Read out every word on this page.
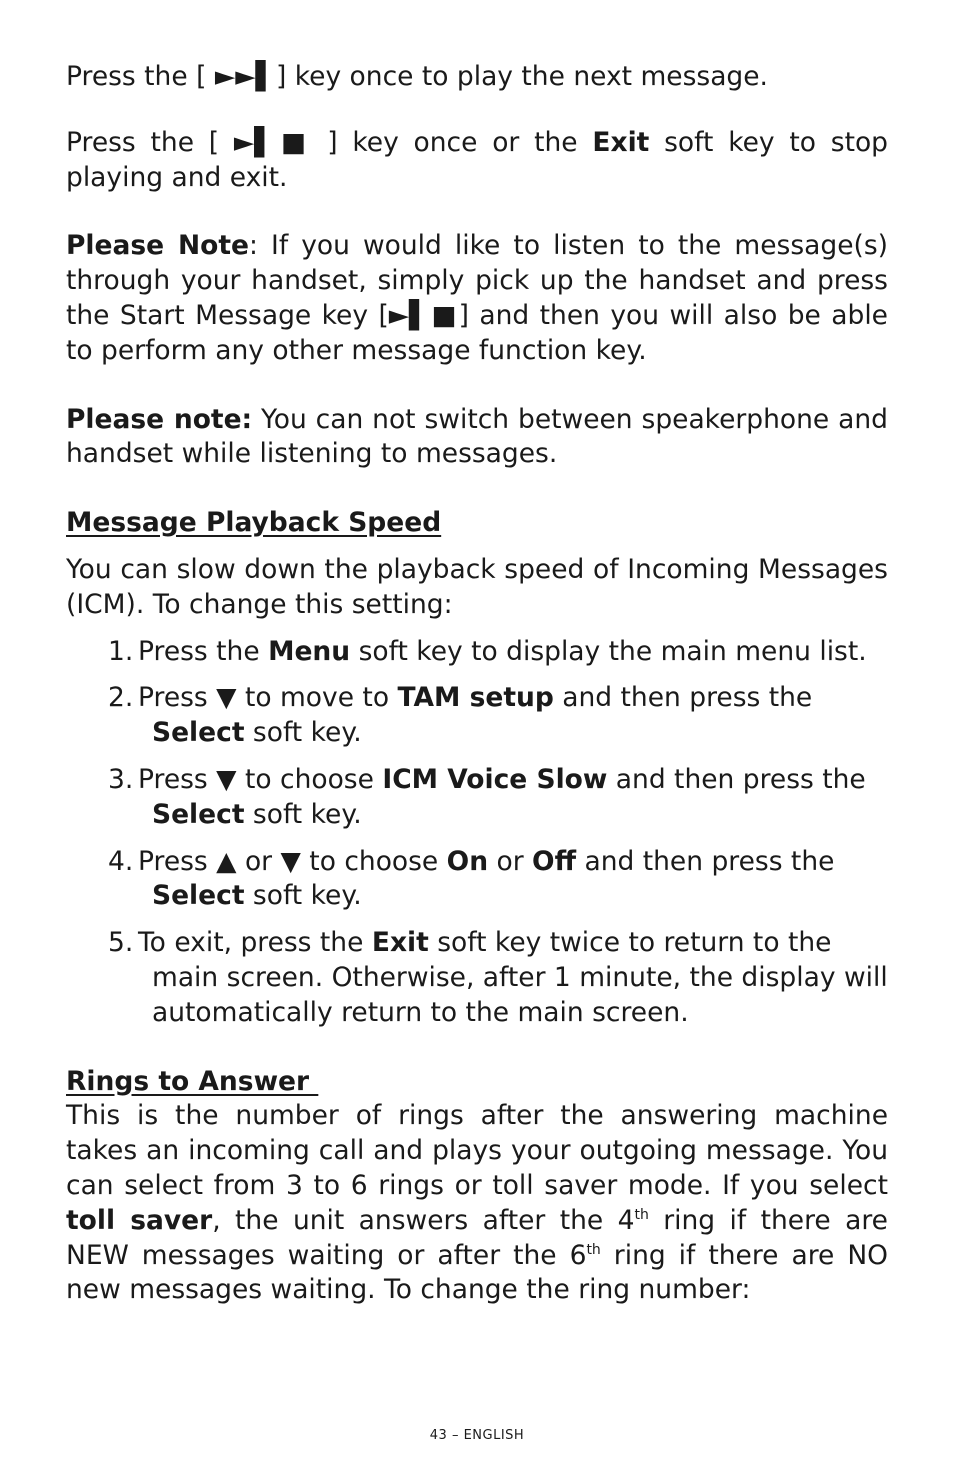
Press the [ ►►▌] key once to play the next message.

Press the [ ►▌■ ] key once or the Exit soft key to stop playing and exit.

Please Note: If you would like to listen to the message(s) through your handset, simply pick up the handset and press the Start Message key [►▌■] and then you will also be able to perform any other message function key.

Please note: You can not switch between speakerphone and handset while listening to messages.

Message Playback Speed

You can slow down the playback speed of Incoming Messages (ICM). To change this setting:

1. Press the Menu soft key to display the main menu list.
2. Press ▼ to move to TAM setup and then press the Select soft key.
3. Press ▼ to choose ICM Voice Slow and then press the Select soft key.
4. Press ▲ or ▼ to choose On or Off and then press the Select soft key.
5. To exit, press the Exit soft key twice to return to the main screen. Otherwise, after 1 minute, the display will automatically return to the main screen.

Rings to Answer

This is the number of rings after the answering machine takes an incoming call and plays your outgoing message. You can select from 3 to 6 rings or toll saver mode. If you select toll saver, the unit answers after the 4th ring if there are NEW messages waiting or after the 6th ring if there are NO new messages waiting. To change the ring number:

43 – ENGLISH
